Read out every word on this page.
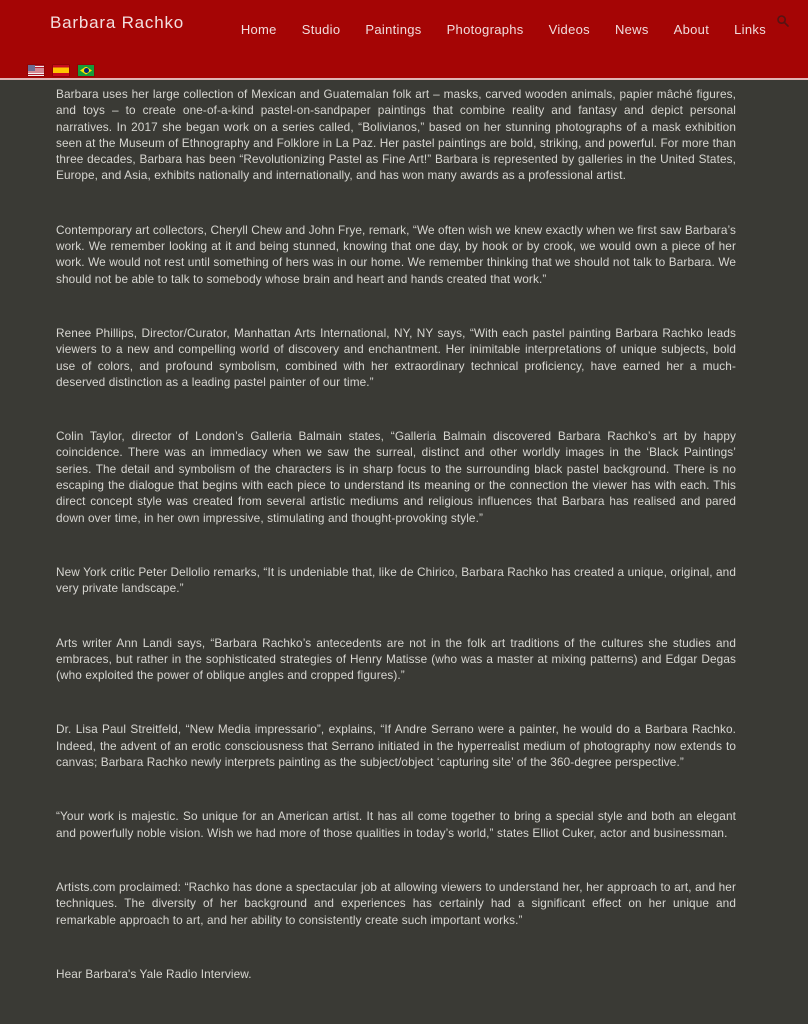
Barbara Rachko	Home Studio Paintings Photographs Videos News About Links

Barbara uses her large collection of Mexican and Guatemalan folk art – masks, carved wooden animals, papier mâché figures, and toys – to create one-of-a-kind pastel-on-sandpaper paintings that combine reality and fantasy and depict personal narratives. In 2017 she began work on a series called, “Bolivianos,” based on her stunning photographs of a mask exhibition seen at the Museum of Ethnography and Folklore in La Paz. Her pastel paintings are bold, striking, and powerful. For more than three decades, Barbara has been “Revolutionizing Pastel as Fine Art!” Barbara is represented by galleries in the United States, Europe, and Asia, exhibits nationally and internationally, and has won many awards as a professional artist.

Contemporary art collectors, Cheryll Chew and John Frye, remark, “We often wish we knew exactly when we first saw Barbara’s work. We remember looking at it and being stunned, knowing that one day, by hook or by crook, we would own a piece of her work. We would not rest until something of hers was in our home. We remember thinking that we should not talk to Barbara. We should not be able to talk to somebody whose brain and heart and hands created that work.”

Renee Phillips, Director/Curator, Manhattan Arts International, NY, NY says, “With each pastel painting Barbara Rachko leads viewers to a new and compelling world of discovery and enchantment. Her inimitable interpretations of unique subjects, bold use of colors, and profound symbolism, combined with her extraordinary technical proficiency, have earned her a much-deserved distinction as a leading pastel painter of our time.”

Colin Taylor, director of London’s Galleria Balmain states, “Galleria Balmain discovered Barbara Rachko’s art by happy coincidence. There was an immediacy when we saw the surreal, distinct and other worldly images in the ‘Black Paintings’ series. The detail and symbolism of the characters is in sharp focus to the surrounding black pastel background. There is no escaping the dialogue that begins with each piece to understand its meaning or the connection the viewer has with each. This direct concept style was created from several artistic mediums and religious influences that Barbara has realised and pared down over time, in her own impressive, stimulating and thought-provoking style.”

New York critic Peter Dellolio remarks, “It is undeniable that, like de Chirico, Barbara Rachko has created a unique, original, and very private landscape.”

Arts writer Ann Landi says, “Barbara Rachko’s antecedents are not in the folk art traditions of the cultures she studies and embraces, but rather in the sophisticated strategies of Henry Matisse (who was a master at mixing patterns) and Edgar Degas (who exploited the power of oblique angles and cropped figures).”

Dr. Lisa Paul Streitfeld, “New Media impressario”, explains, “If Andre Serrano were a painter, he would do a Barbara Rachko. Indeed, the advent of an erotic consciousness that Serrano initiated in the hyperrealist medium of photography now extends to canvas; Barbara Rachko newly interprets painting as the subject/object ‘capturing site’ of the 360-degree perspective.”

“Your work is majestic. So unique for an American artist. It has all come together to bring a special style and both an elegant and powerfully noble vision. Wish we had more of those qualities in today’s world,” states Elliot Cuker, actor and businessman.

Artists.com proclaimed: “Rachko has done a spectacular job at allowing viewers to understand her, her approach to art, and her techniques. The diversity of her background and experiences has certainly had a significant effect on her unique and remarkable approach to art, and her ability to consistently create such important works.”

Hear Barbara's Yale Radio Interview.
